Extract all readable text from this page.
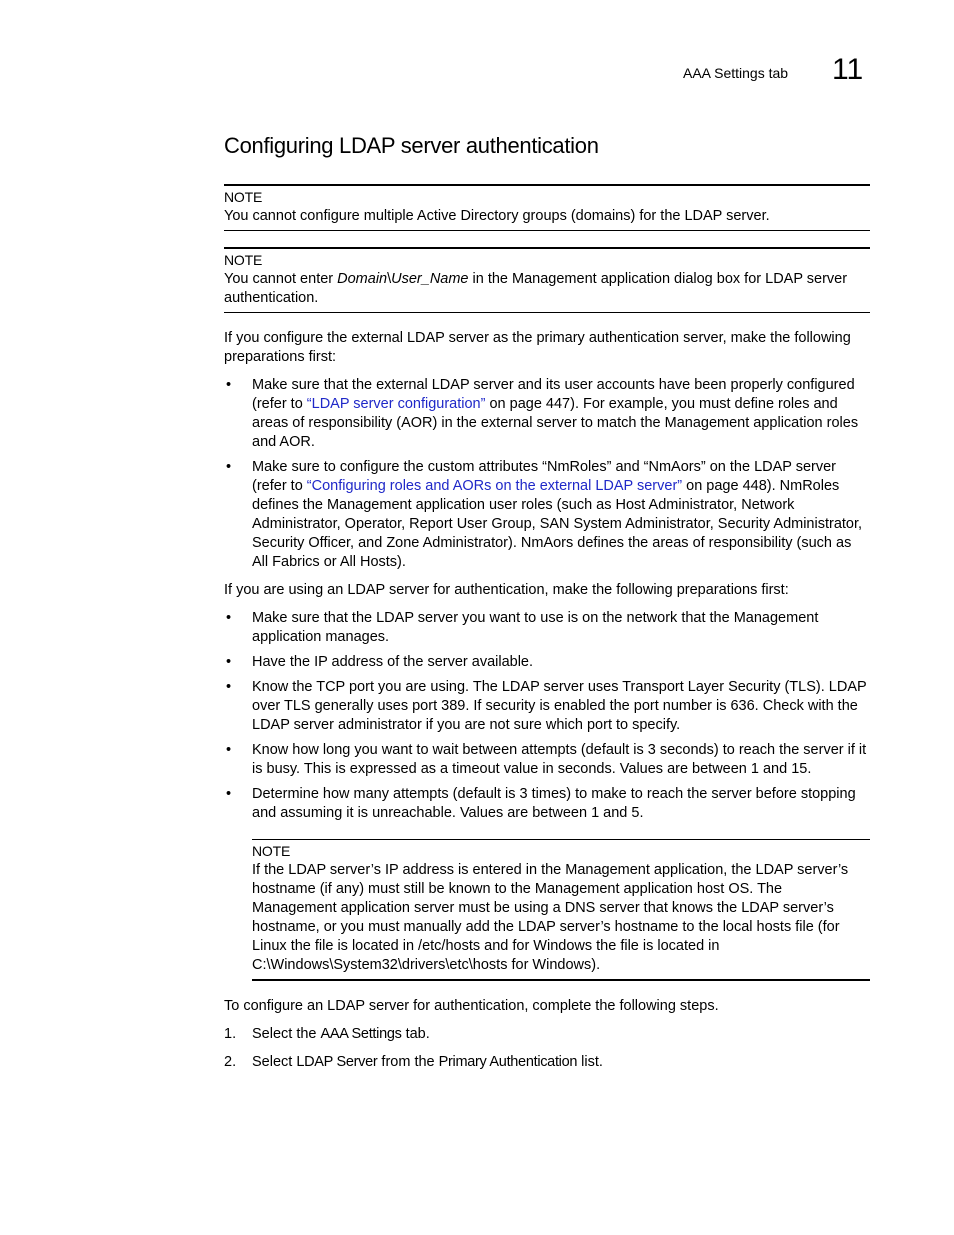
AAA Settings tab 11
Configuring LDAP server authentication
NOTE
You cannot configure multiple Active Directory groups (domains) for the LDAP server.
NOTE
You cannot enter Domain\User_Name in the Management application dialog box for LDAP server authentication.

If you configure the external LDAP server as the primary authentication server, make the following preparations first:

• Make sure that the external LDAP server and its user accounts have been properly configured (refer to “LDAP server configuration” on page 447). For example, you must define roles and areas of responsibility (AOR) in the external server to match the Management application roles and AOR.
• Make sure to configure the custom attributes “NmRoles” and “NmAors” on the LDAP server (refer to “Configuring roles and AORs on the external LDAP server” on page 448). NmRoles defines the Management application user roles (such as Host Administrator, Network Administrator, Operator, Report User Group, SAN System Administrator, Security Administrator, Security Officer, and Zone Administrator). NmAors defines the areas of responsibility (such as All Fabrics or All Hosts).

If you are using an LDAP server for authentication, make the following preparations first:

• Make sure that the LDAP server you want to use is on the network that the Management application manages.
• Have the IP address of the server available.
• Know the TCP port you are using. The LDAP server uses Transport Layer Security (TLS). LDAP over TLS generally uses port 389. If security is enabled the port number is 636. Check with the LDAP server administrator if you are not sure which port to specify.
• Know how long you want to wait between attempts (default is 3 seconds) to reach the server if it is busy. This is expressed as a timeout value in seconds. Values are between 1 and 15.
• Determine how many attempts (default is 3 times) to make to reach the server before stopping and assuming it is unreachable. Values are between 1 and 5.
NOTE
If the LDAP server’s IP address is entered in the Management application, the LDAP server’s hostname (if any) must still be known to the Management application host OS. The Management application server must be using a DNS server that knows the LDAP server’s hostname, or you must manually add the LDAP server’s hostname to the local hosts file (for Linux the file is located in /etc/hosts and for Windows the file is located in C:\Windows\System32\drivers\etc\hosts for Windows).

To configure an LDAP server for authentication, complete the following steps.

1. Select the AAA Settings tab.
2. Select LDAP Server from the Primary Authentication list.
